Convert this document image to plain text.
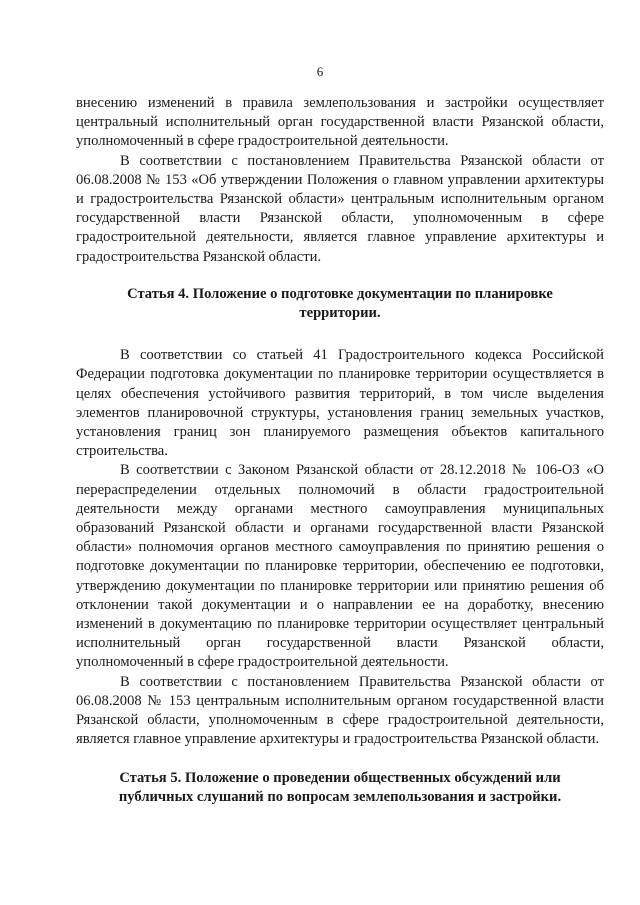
6

внесению изменений в правила землепользования и застройки осуществляет центральный исполнительный орган государственной власти Рязанской области, уполномоченный в сфере градостроительной деятельности.

В соответствии с постановлением Правительства Рязанской области от 06.08.2008 № 153 «Об утверждении Положения о главном управлении архитектуры и градостроительства Рязанской области» центральным исполнительным органом государственной власти Рязанской области, уполномоченным в сфере градостроительной деятельности, является главное управление архитектуры и градостроительства Рязанской области.

Статья 4. Положение о подготовке документации по планировке территории.

В соответствии со статьей 41 Градостроительного кодекса Российской Федерации подготовка документации по планировке территории осуществляется в целях обеспечения устойчивого развития территорий, в том числе выделения элементов планировочной структуры, установления границ земельных участков, установления границ зон планируемого размещения объектов капитального строительства.

В соответствии с Законом Рязанской области от 28.12.2018 № 106-ОЗ «О перераспределении отдельных полномочий в области градостроительной деятельности между органами местного самоуправления муниципальных образований Рязанской области и органами государственной власти Рязанской области» полномочия органов местного самоуправления по принятию решения о подготовке документации по планировке территории, обеспечению ее подготовки, утверждению документации по планировке территории или принятию решения об отклонении такой документации и о направлении ее на доработку, внесению изменений в документацию по планировке территории осуществляет центральный исполнительный орган государственной власти Рязанской области, уполномоченный в сфере градостроительной деятельности.

В соответствии с постановлением Правительства Рязанской области от 06.08.2008 № 153 центральным исполнительным органом государственной власти Рязанской области, уполномоченным в сфере градостроительной деятельности, является главное управление архитектуры и градостроительства Рязанской области.

Статья 5. Положение о проведении общественных обсуждений или публичных слушаний по вопросам землепользования и застройки.
